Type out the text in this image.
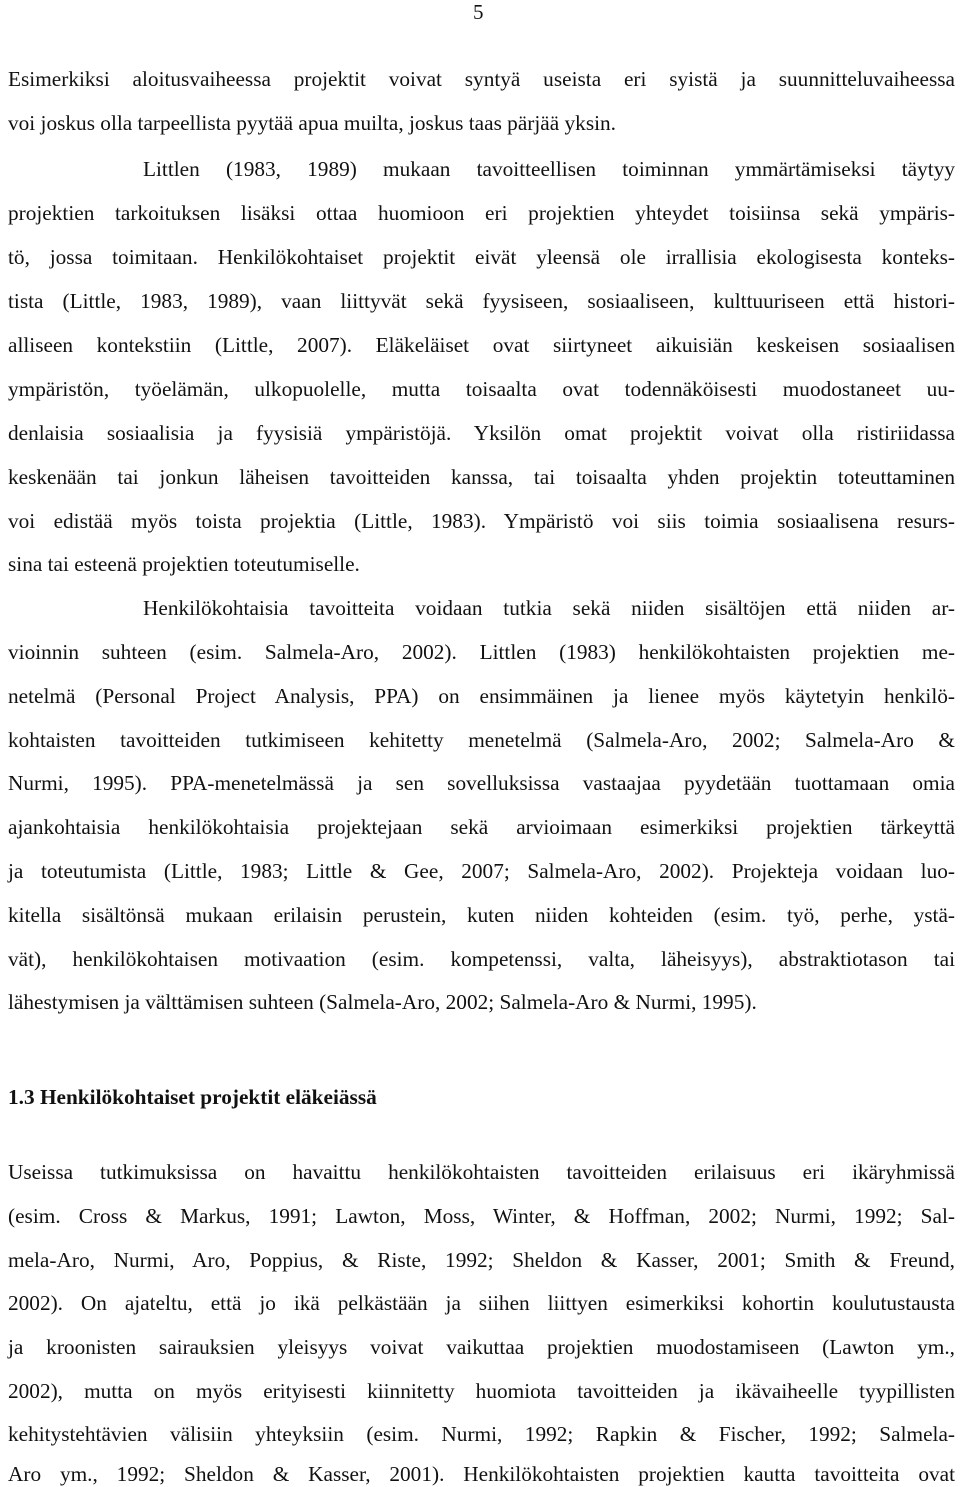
5
Esimerkiksi aloitusvaiheessa projektit voivat syntyä useista eri syistä ja suunnitteluvaiheessa
voi joskus olla tarpeellista pyytää apua muilta, joskus taas pärjää yksin.
Littlen (1983, 1989) mukaan tavoitteellisen toiminnan ymmärtämiseksi täytyy
projektien tarkoituksen lisäksi ottaa huomioon eri projektien yhteydet toisiinsa sekä ympäris-
tö, jossa toimitaan. Henkilökohtaiset projektit eivät yleensä ole irrallisia ekologisesta konteks-
tista (Little, 1983, 1989), vaan liittyvät sekä fyysiseen, sosiaaliseen, kulttuuriseen että histori-
alliseen kontekstiin (Little, 2007). Eläkeläiset ovat siirtyneet aikuisiän keskeisen sosiaalisen
ympäristön, työelämän, ulkopuolelle, mutta toisaalta ovat todennäköisesti muodostaneet uu-
denlaisia sosiaalisia ja fyysisiä ympäristöjä. Yksilön omat projektit voivat olla ristiriidassa
keskenään tai jonkun läheisen tavoitteiden kanssa, tai toisaalta yhden projektin toteuttaminen
voi edistää myös toista projektia (Little, 1983). Ympäristö voi siis toimia sosiaalisena resurs-
sina tai esteenä projektien toteutumiselle.
Henkilökohtaisia tavoitteita voidaan tutkia sekä niiden sisältöjen että niiden ar-
vioinnin suhteen (esim. Salmela-Aro, 2002). Littlen (1983) henkilökohtaisten projektien me-
netelmä (Personal Project Analysis, PPA) on ensimmäinen ja lienee myös käytetyin henkilö-
kohtaisten tavoitteiden tutkimiseen kehitetty menetelmä (Salmela-Aro, 2002; Salmela-Aro &
Nurmi, 1995). PPA-menetelmässä ja sen sovelluksissa vastaajaa pyydetään tuottamaan omia
ajankohtaisia henkilökohtaisia projektejaan sekä arvioimaan esimerkiksi projektien tärkeyttä
ja toteutumista (Little, 1983; Little & Gee, 2007; Salmela-Aro, 2002). Projekteja voidaan luo-
kitella sisältönsä mukaan erilaisin perustein, kuten niiden kohteiden (esim. työ, perhe, ystä-
vät), henkilökohtaisen motivaation (esim. kompetenssi, valta, läheisyys), abstraktiotason tai
lähestymisen ja välttämisen suhteen (Salmela-Aro, 2002; Salmela-Aro & Nurmi, 1995).
1.3 Henkilökohtaiset projektit eläkeiässä
Useissa tutkimuksissa on havaittu henkilökohtaisten tavoitteiden erilaisuus eri ikäryhmissä
(esim. Cross & Markus, 1991; Lawton, Moss, Winter, & Hoffman, 2002; Nurmi, 1992; Sal-
mela-Aro, Nurmi, Aro, Poppius, & Riste, 1992; Sheldon & Kasser, 2001; Smith & Freund,
2002). On ajateltu, että jo ikä pelkästään ja siihen liittyen esimerkiksi kohortin koulutustausta
ja kroonisten sairauksien yleisyys voivat vaikuttaa projektien muodostamiseen (Lawton ym.,
2002), mutta on myös erityisesti kiinnitetty huomiota tavoitteiden ja ikävaiheelle tyypillisten
kehitystehtävien välisiin yhteyksiin (esim. Nurmi, 1992; Rapkin & Fischer, 1992; Salmela-
Aro ym., 1992; Sheldon & Kasser, 2001). Henkilökohtaisten projektien kautta tavoitteita ovat
